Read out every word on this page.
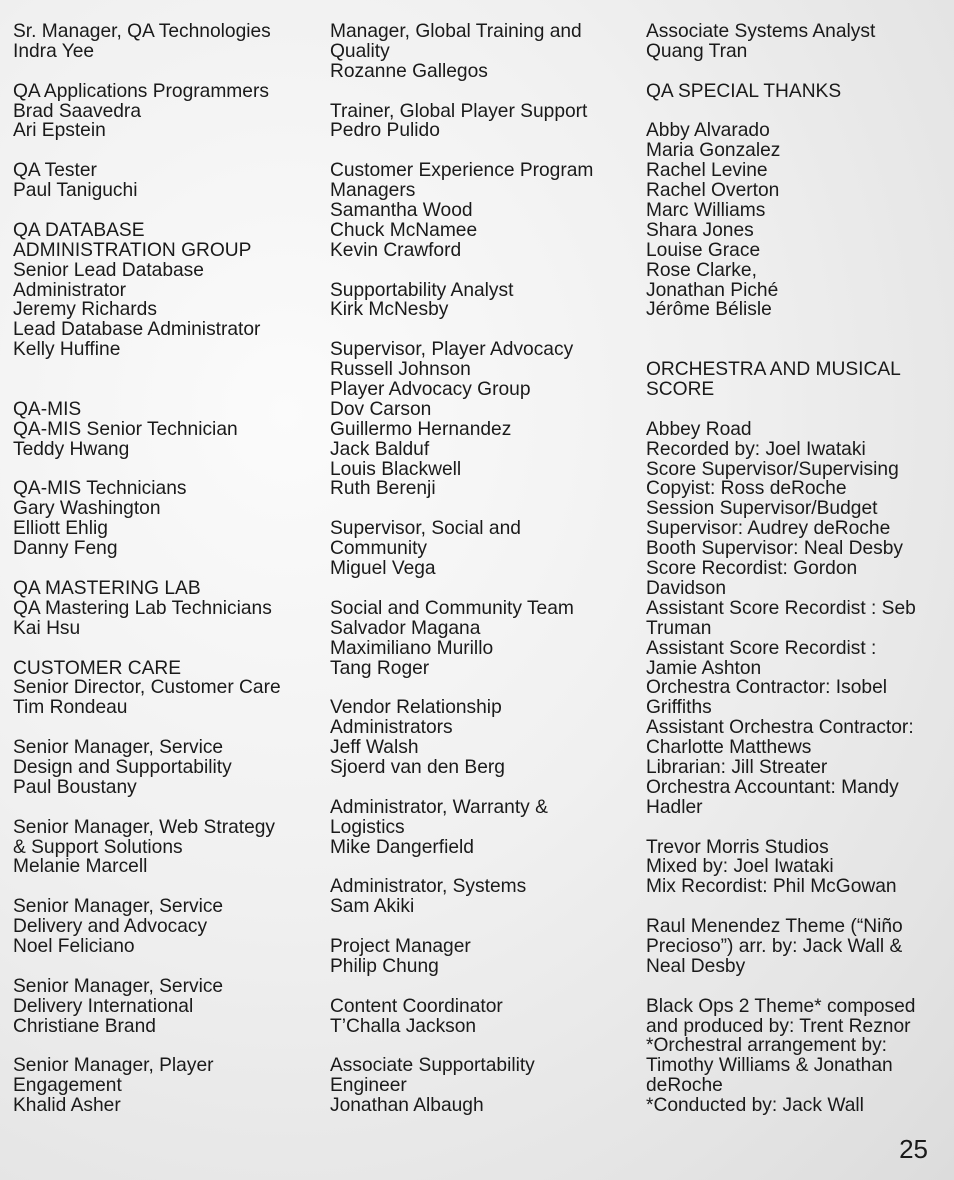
Sr. Manager, QA Technologies
Indra Yee
QA Applications Programmers
Brad Saavedra
Ari Epstein
QA Tester
Paul Taniguchi
QA DATABASE
ADMINISTRATION GROUP
Senior Lead Database
Administrator
Jeremy Richards
Lead Database Administrator
Kelly Huffine
QA-MIS
QA-MIS Senior Technician
Teddy Hwang
QA-MIS Technicians
Gary Washington
Elliott Ehlig
Danny Feng
QA MASTERING LAB
QA Mastering Lab Technicians
Kai Hsu
CUSTOMER CARE
Senior Director, Customer Care
Tim Rondeau
Senior Manager, Service
Design and Supportability
Paul Boustany
Senior Manager, Web Strategy
& Support Solutions
Melanie Marcell
Senior Manager, Service
Delivery and Advocacy
Noel Feliciano
Senior Manager, Service
Delivery International
Christiane Brand
Senior Manager, Player
Engagement
Khalid Asher
Manager, Global Training and
Quality
Rozanne Gallegos
Trainer, Global Player Support
Pedro Pulido
Customer Experience Program
Managers
Samantha Wood
Chuck McNamee
Kevin Crawford
Supportability Analyst
Kirk McNesby
Supervisor, Player Advocacy
Russell Johnson
Player Advocacy Group
Dov Carson
Guillermo Hernandez
Jack Balduf
Louis Blackwell
Ruth Berenji
Supervisor, Social and
Community
Miguel Vega
Social and Community Team
Salvador Magana
Maximiliano Murillo
Tang Roger
Vendor Relationship
Administrators
Jeff Walsh
Sjoerd van den Berg
Administrator, Warranty &
Logistics
Mike Dangerfield
Administrator, Systems
Sam Akiki
Project Manager
Philip Chung
Content Coordinator
T’Challa Jackson
Associate Supportability
Engineer
Jonathan Albaugh
Associate Systems Analyst
Quang Tran
QA SPECIAL THANKS
Abby Alvarado
Maria Gonzalez
Rachel Levine
Rachel Overton
Marc Williams
Shara Jones
Louise Grace
Rose Clarke,
Jonathan Piché
Jérôme Bélisle
ORCHESTRA AND MUSICAL
SCORE
Abbey Road
Recorded by: Joel Iwataki
Score Supervisor/Supervising
Copyist: Ross deRoche
Session Supervisor/Budget
Supervisor: Audrey deRoche
Booth Supervisor: Neal Desby
Score Recordist: Gordon
Davidson
Assistant Score Recordist : Seb
Truman
Assistant Score Recordist :
Jamie Ashton
Orchestra Contractor: Isobel
Griffiths
Assistant Orchestra Contractor:
Charlotte Matthews
Librarian: Jill Streater
Orchestra Accountant: Mandy
Hadler
Trevor Morris Studios
Mixed by: Joel Iwataki
Mix Recordist: Phil McGowan
Raul Menendez Theme (“Niño
Precioso”) arr. by: Jack Wall &
Neal Desby
Black Ops 2 Theme* composed
and produced by: Trent Reznor
*Orchestral arrangement by:
Timothy Williams & Jonathan
deRoche
*Conducted by: Jack Wall
25
